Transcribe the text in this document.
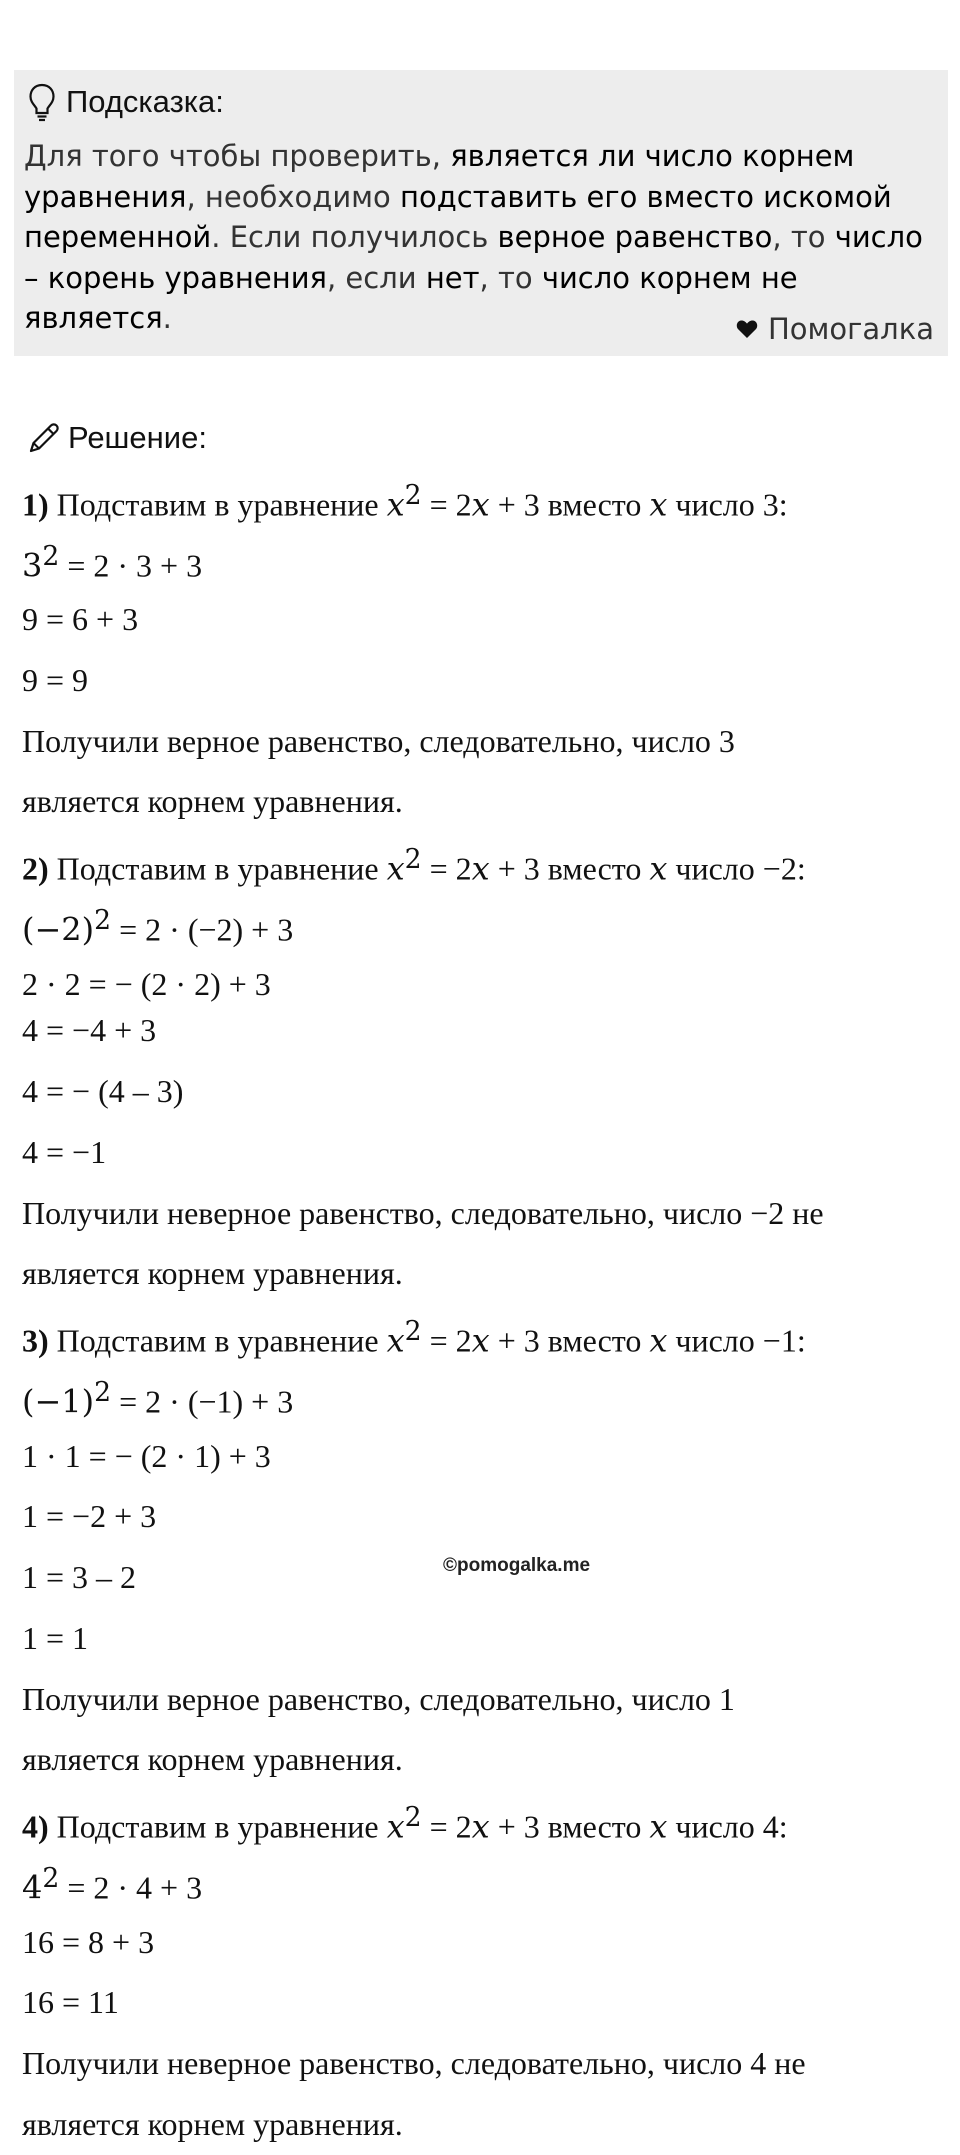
Подсказка:
Для того чтобы проверить, является ли число корнем уравнения, необходимо подставить его вместо искомой переменной. Если получилось верное равенство, то число – корень уравнения, если нет, то число корнем не является.	Помогалка
Решение:
1) Подставим в уравнение $x^2 = 2x + 3$ вместо x число 3:
$3^2 = 2 \cdot 3 + 3$
9 = 6 + 3
9 = 9
Получили верное равенство, следовательно, число 3
является корнем уравнения.
2) Подставим в уравнение $x^2 = 2x + 3$ вместо x число −2:
$(-2)^2 = 2 \cdot (-2) + 3$
2 · 2 = − (2 · 2) + 3
4 = −4 + 3
4 = − (4 – 3)
4 = −1
Получили неверное равенство, следовательно, число −2 не
является корнем уравнения.
3) Подставим в уравнение $x^2 = 2x + 3$ вместо x число −1:
$(-1)^2 = 2 \cdot (-1) + 3$
1 · 1 = − (2 · 1) + 3
1 = −2 + 3
1 = 3 – 2
1 = 1
Получили верное равенство, следовательно, число 1
является корнем уравнения.
4) Подставим в уравнение $x^2 = 2x + 3$ вместо x число 4:
$4^2 = 2 \cdot 4 + 3$
16 = 8 + 3
16 = 11
Получили неверное равенство, следовательно, число 4 не
является корнем уравнения.
©pomogalka.me
